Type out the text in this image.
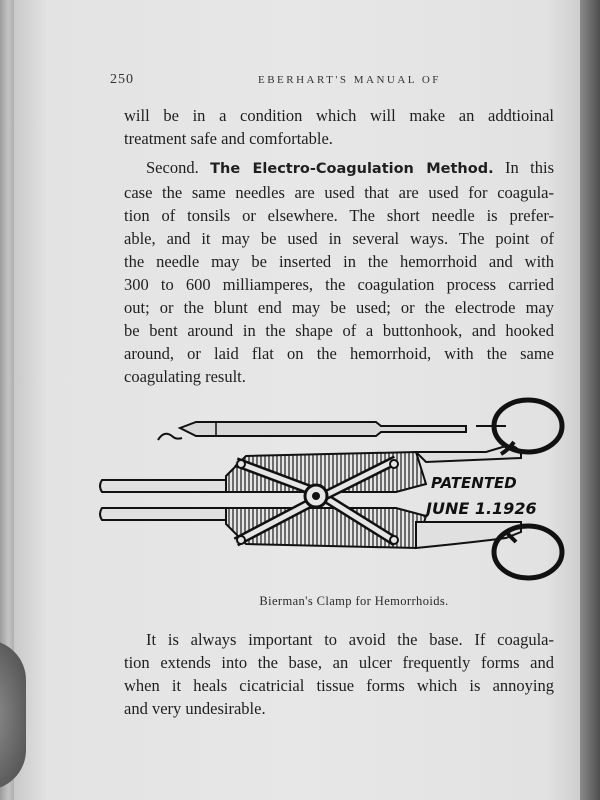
250	EBERHART'S MANUAL OF
will be in a condition which will make an addtioinal
treatment safe and comfortable.
Second. The Electro-Coagulation Method. In this
case the same needles are used that are used for coagula-
tion of tonsils or elsewhere. The short needle is prefer-
able, and it may be used in several ways. The point of
the needle may be inserted in the hemorrhoid and with
300 to 600 milliamperes, the coagulation process carried
out; or the blunt end may be used; or the electrode may
be bent around in the shape of a buttonhook, and hooked
around, or laid flat on the hemorrhoid, with the same
coagulating result.
PATENTED
JUNE 1.1926
Bierman's Clamp for Hemorrhoids.
It is always important to avoid the base. If coagula-
tion extends into the base, an ulcer frequently forms and
when it heals cicatricial tissue forms which is annoying
and very undesirable.
